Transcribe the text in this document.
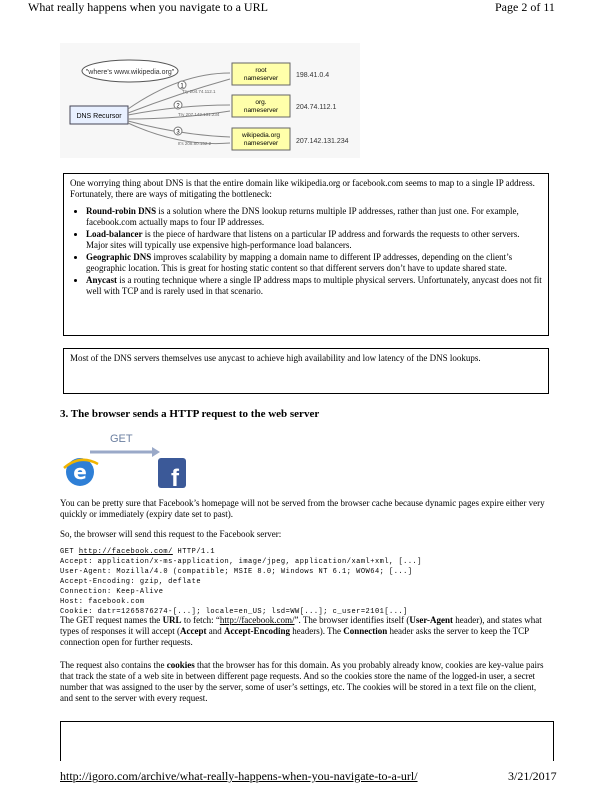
What really happens when you navigate to a URL	Page 2 of 11
"where's www.wikipedia.org"
DNS Recursor
root nameserver
org. nameserver
wikipedia.org nameserver
198.41.0.4
204.74.112.1
207.142.131.234
Try 204.74.112.1
Try 207.142.131.234
It's 208.80.152.2
1
2
3

One worrying thing about DNS is that the entire domain like wikipedia.org or facebook.com seems to map to a single IP address. Fortunately, there are ways of mitigating the bottleneck:

• Round-robin DNS is a solution where the DNS lookup returns multiple IP addresses, rather than just one. For example, facebook.com actually maps to four IP addresses.
• Load-balancer is the piece of hardware that listens on a particular IP address and forwards the requests to other servers. Major sites will typically use expensive high-performance load balancers.
• Geographic DNS improves scalability by mapping a domain name to different IP addresses, depending on the client’s geographic location. This is great for hosting static content so that different servers don’t have to update shared state.
• Anycast is a routing technique where a single IP address maps to multiple physical servers. Unfortunately, anycast does not fit well with TCP and is rarely used in that scenario.
Most of the DNS servers themselves use anycast to achieve high availability and low latency of the DNS lookups.
3. The browser sends a HTTP request to the web server
GET
e	f
You can be pretty sure that Facebook’s homepage will not be served from the browser cache because dynamic pages expire either very quickly or immediately (expiry date set to past).
So, the browser will send this request to the Facebook server:
GET http://facebook.com/ HTTP/1.1
Accept: application/x-ms-application, image/jpeg, application/xaml+xml, [...]
User-Agent: Mozilla/4.0 (compatible; MSIE 8.0; Windows NT 6.1; WOW64; [...]
Accept-Encoding: gzip, deflate
Connection: Keep-Alive
Host: facebook.com
Cookie: datr=1265876274-[...]; locale=en_US; lsd=WW[...]; c_user=2101[...]
The GET request names the URL to fetch: “http://facebook.com/”. The browser identifies itself (User-Agent header), and states what types of responses it will accept (Accept and Accept-Encoding headers). The Connection header asks the server to keep the TCP connection open for further requests.
The request also contains the cookies that the browser has for this domain. As you probably already know, cookies are key-value pairs that track the state of a web site in between different page requests. And so the cookies store the name of the logged-in user, a secret number that was assigned to the user by the server, some of user’s settings, etc. The cookies will be stored in a text file on the client, and sent to the server with every request.
http://igoro.com/archive/what-really-happens-when-you-navigate-to-a-url/	3/21/2017
